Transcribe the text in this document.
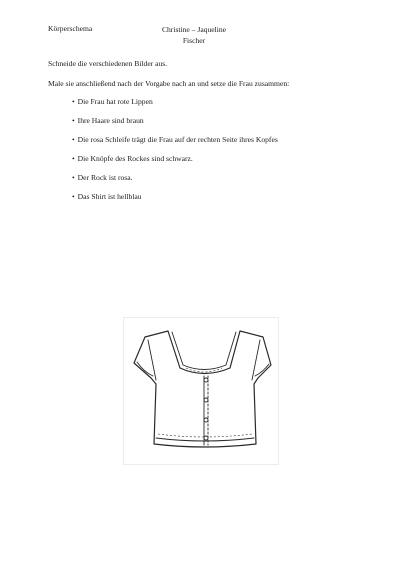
Körperschema	Christine – Jaqueline
Fischer
Schneide die verschiedenen Bilder aus.
Male sie anschließend nach der Vorgabe nach an und setze die Frau zusammen:
• Die Frau hat rote Lippen
• Ihre Haare sind braun
• Die rosa Schleife trägt die Frau auf der rechten Seite ihres Kopfes
• Die Knöpfe des Rockes sind schwarz.
• Der Rock ist rosa.
• Das Shirt ist hellblau
